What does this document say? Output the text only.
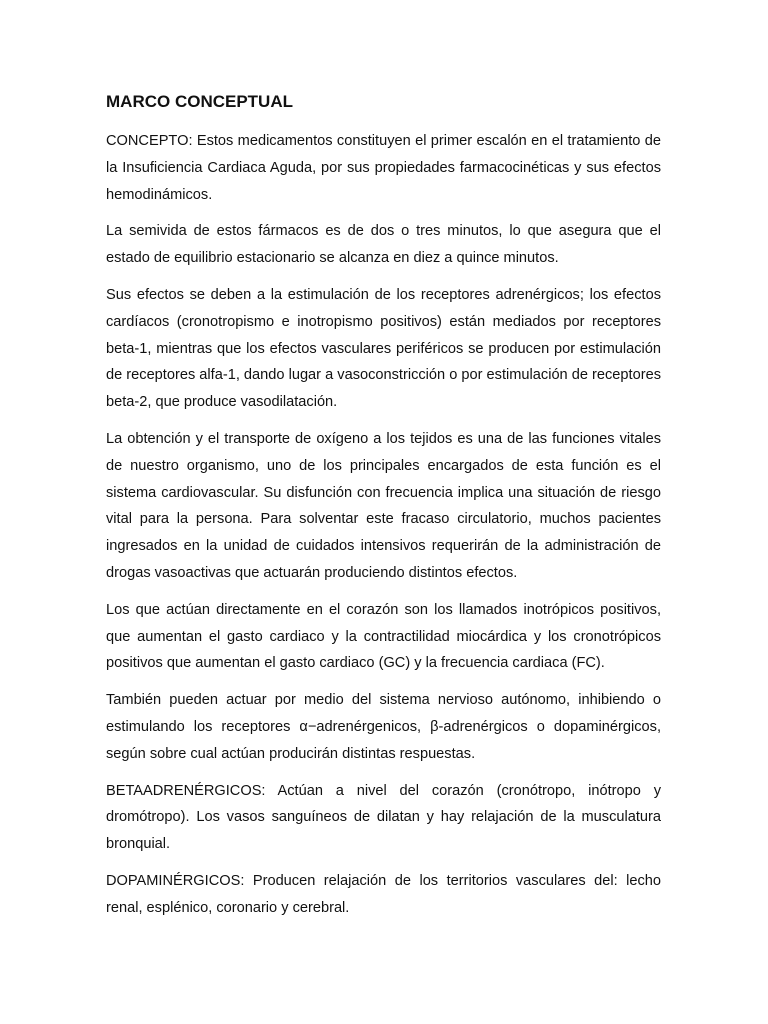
MARCO CONCEPTUAL

CONCEPTO: Estos medicamentos constituyen el primer escalón en el tratamiento de la Insuficiencia Cardiaca Aguda, por sus propiedades farmacocinéticas y sus efectos hemodinámicos.

La semivida de estos fármacos es de dos o tres minutos, lo que asegura que el estado de equilibrio estacionario se alcanza en diez a quince minutos.

Sus efectos se deben a la estimulación de los receptores adrenérgicos; los efectos cardíacos (cronotropismo e inotropismo positivos) están mediados por receptores beta-1, mientras que los efectos vasculares periféricos se producen por estimulación de receptores alfa-1, dando lugar a vasoconstricción o por estimulación de receptores beta-2, que produce vasodilatación.

La obtención y el transporte de oxígeno a los tejidos es una de las funciones vitales de nuestro organismo, uno de los principales encargados de esta función es el sistema cardiovascular. Su disfunción con frecuencia implica una situación de riesgo vital para la persona. Para solventar este fracaso circulatorio, muchos pacientes ingresados en la unidad de cuidados intensivos requerirán de la administración de drogas vasoactivas que actuarán produciendo distintos efectos.

Los que actúan directamente en el corazón son los llamados inotrópicos positivos, que aumentan el gasto cardiaco y la contractilidad miocárdica y los cronotrópicos positivos que aumentan el gasto cardiaco (GC) y la frecuencia cardiaca (FC).

También pueden actuar por medio del sistema nervioso autónomo, inhibiendo o estimulando los receptores α−adrenérgenicos, β-adrenérgicos o dopaminérgicos, según sobre cual actúan producirán distintas respuestas.

BETAADRENÉRGICOS: Actúan a nivel del corazón (cronótropo, inótropo y dromótropo). Los vasos sanguíneos de dilatan y hay relajación de la musculatura bronquial.

DOPAMINÉRGICOS: Producen relajación de los territorios vasculares del: lecho renal, esplénico, coronario y cerebral.
